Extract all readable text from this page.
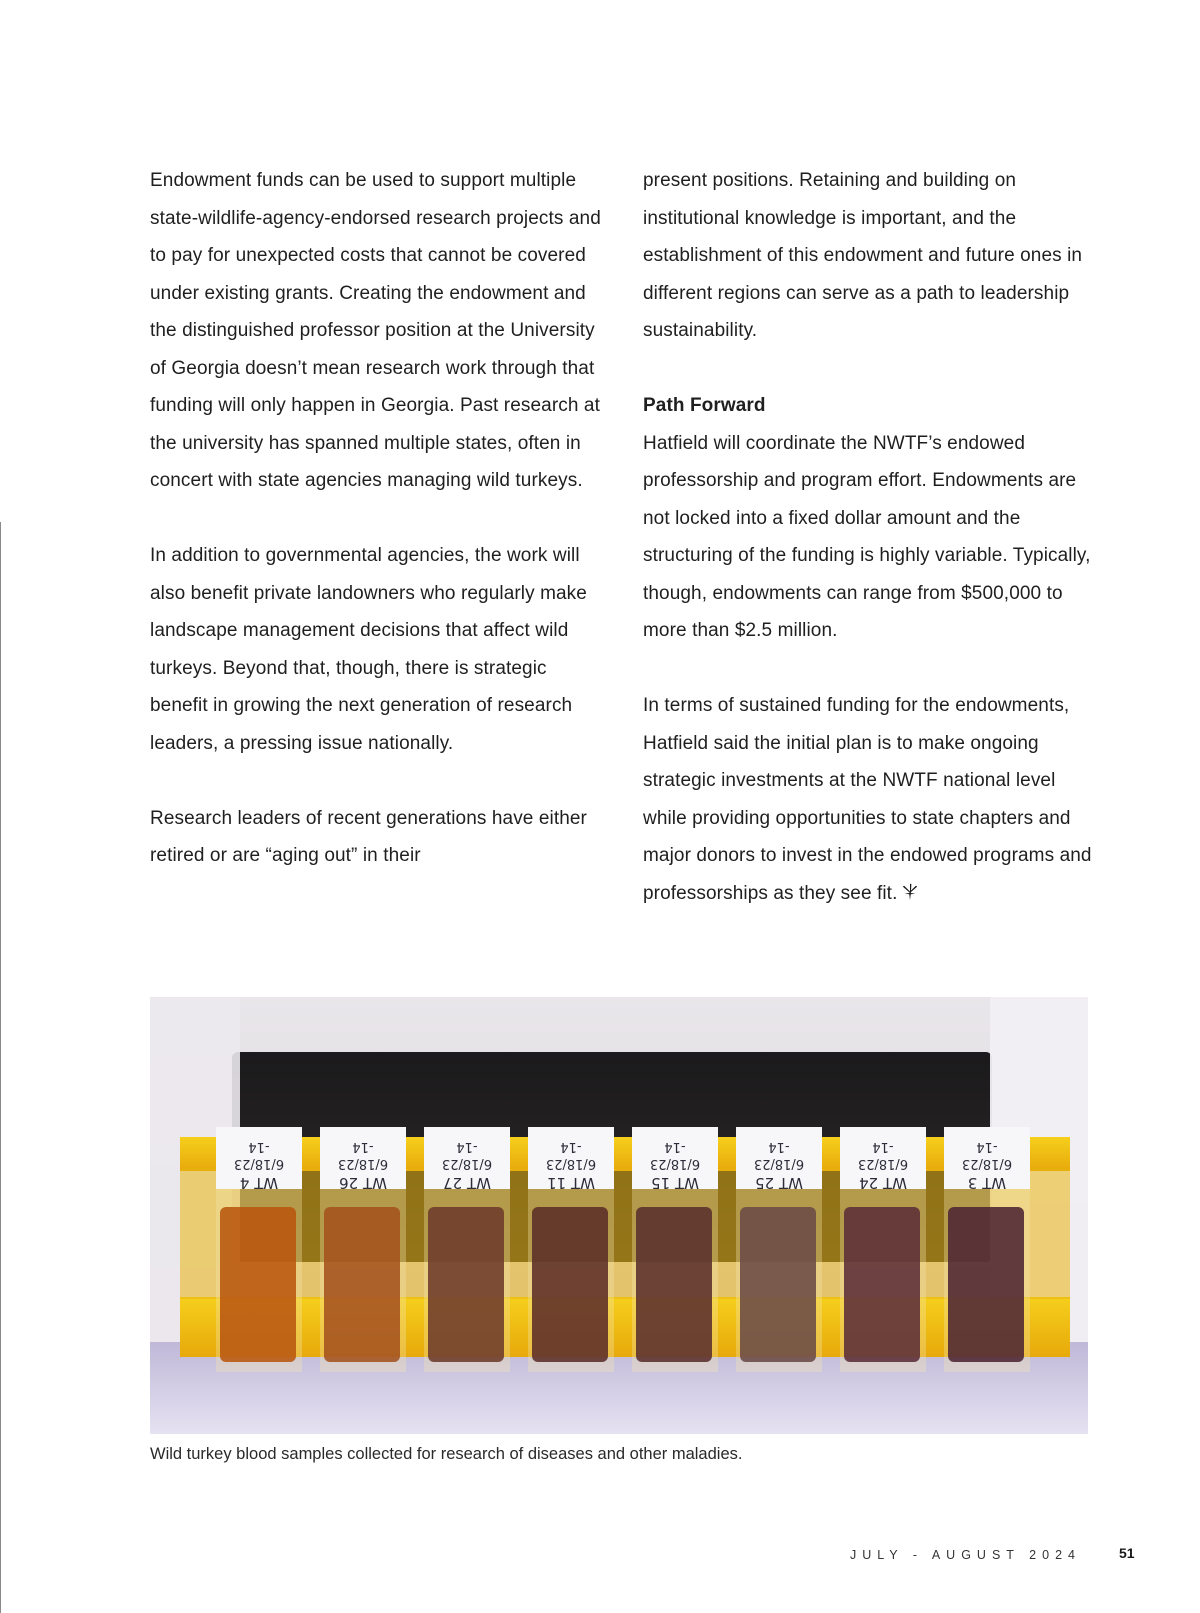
Endowment funds can be used to support multiple state-wildlife-agency-endorsed research projects and to pay for unexpected costs that cannot be covered under existing grants. Creating the endowment and the distinguished professor position at the University of Georgia doesn’t mean research work through that funding will only happen in Georgia. Past research at the university has spanned multiple states, often in concert with state agencies managing wild turkeys.

In addition to governmental agencies, the work will also benefit private landowners who regularly make landscape management decisions that affect wild turkeys. Beyond that, though, there is strategic benefit in growing the next generation of research leaders, a pressing issue nationally.

Research leaders of recent generations have either retired or are “aging out” in their

present positions. Retaining and building on institutional knowledge is important, and the establishment of this endowment and future ones in different regions can serve as a path to leadership sustainability.

Path Forward

Hatfield will coordinate the NWTF’s endowed professorship and program effort. Endowments are not locked into a fixed dollar amount and the structuring of the funding is highly variable. Typically, though, endowments can range from $500,000 to more than $2.5 million.

In terms of sustained funding for the endowments, Hatfield said the initial plan is to make ongoing strategic investments at the NWTF national level while providing opportunities to state chapters and major donors to invest in the endowed programs and professorships as they see fit.

-14
6/18/23
WT 4
-14
6/18/23
WT 26
-14
6/18/23
WT 27
-14
6/18/23
WT 11
-14
6/18/23
WT 15
-14
6/18/23
WT 25
-14
6/18/23
WT 24
-14
6/18/23
WT 3
Wild turkey blood samples collected for research of diseases and other maladies.
JULY - AUGUST 2024	51
